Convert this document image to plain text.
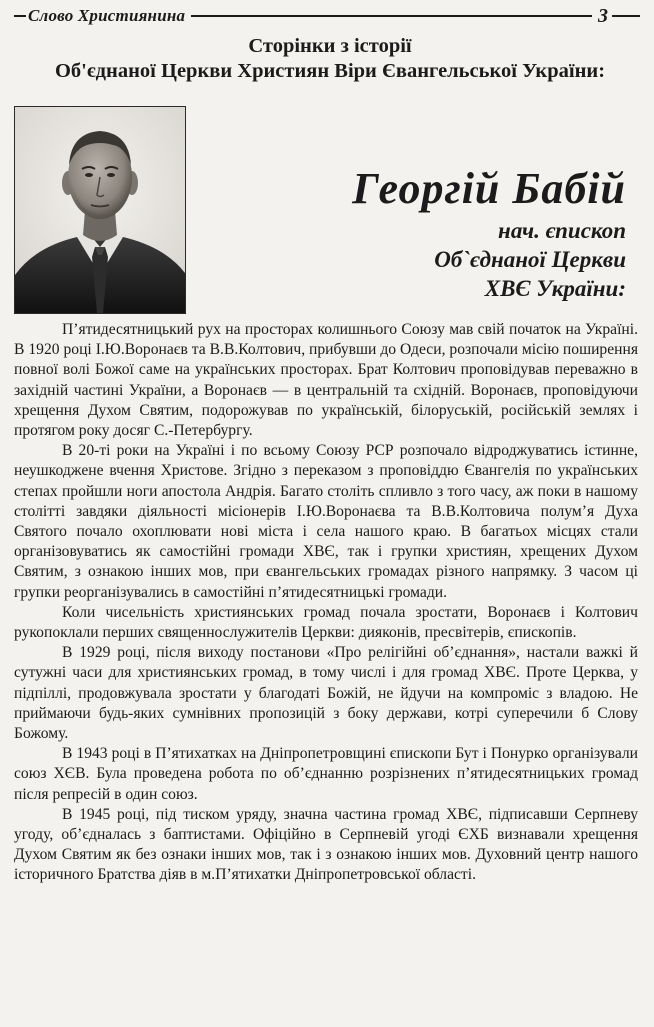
Слово Християнина	3
Сторінки з історії
Об'єднаної Церкви Християн Віри Євангельської України:
Георгій Бабій
нач. єпископ
Об`єднаної Церкви
ХВЄ України:

П’ятидесятницький рух на просторах колишнього Союзу мав свій початок на Україні. В 1920 році І.Ю.Воронаєв та В.В.Колтович, прибувши до Одеси, розпочали місію поширення повної волі Божої саме на українських просторах. Брат Колтович проповідував переважно в західній частині України, а Воронаєв — в центральній та східній. Воронаєв, проповідуючи хрещення Духом Святим, подорожував по українській, білоруській, російській землях і протягом року досяг С.-Петербургу.

В 20-ті роки на Україні і по всьому Союзу РСР розпочало відроджуватись істинне, неушкоджене вчення Христове. Згідно з переказом з проповіддю Євангелія по українських степах пройшли ноги апостола Андрія. Багато століть спливло з того часу, аж поки в нашому столітті завдяки діяльності місіонерів І.Ю.Воронаєва та В.В.Колтовича полум’я Духа Святого почало охоплювати нові міста і села нашого краю. В багатьох місцях стали організовуватись як самостійні громади ХВЄ, так і групки християн, хрещених Духом Святим, з ознакою інших мов, при євангельських громадах різного напрямку. З часом ці групки реорганізувались в самостійні п’ятидесятницькі громади.

Коли чисельність християнських громад почала зростати, Воронаєв і Колтович рукопоклали перших священнослужителів Церкви: дияконів, пресвітерів, єпископів.

В 1929 році, після виходу постанови «Про релігійні об’єднання», настали важкі й сутужні часи для християнських громад, в тому числі і для громад ХВЄ. Проте Церква, у підпіллі, продовжувала зростати у благодаті Божій, не йдучи на компроміс з владою. Не приймаючи будь-яких сумнівних пропозицій з боку держави, котрі суперечили б Слову Божому.

В 1943 році в П’ятихатках на Дніпропетровщині єпископи Бут і Понурко організували союз ХЄВ. Була проведена робота по об’єднанню розрізнених п’ятидесятницьких громад після репресій в один союз.

В 1945 році, під тиском уряду, значна частина громад ХВЄ, підписавши Серпневу угоду, об’єдналась з баптистами. Офіційно в Серпневій угоді ЄХБ визнавали хрещення Духом Святим як без ознаки інших мов, так і з ознакою інших мов. Духовний центр нашого історичного Братства діяв в м.П’ятихатки Дніпропетровської області.
